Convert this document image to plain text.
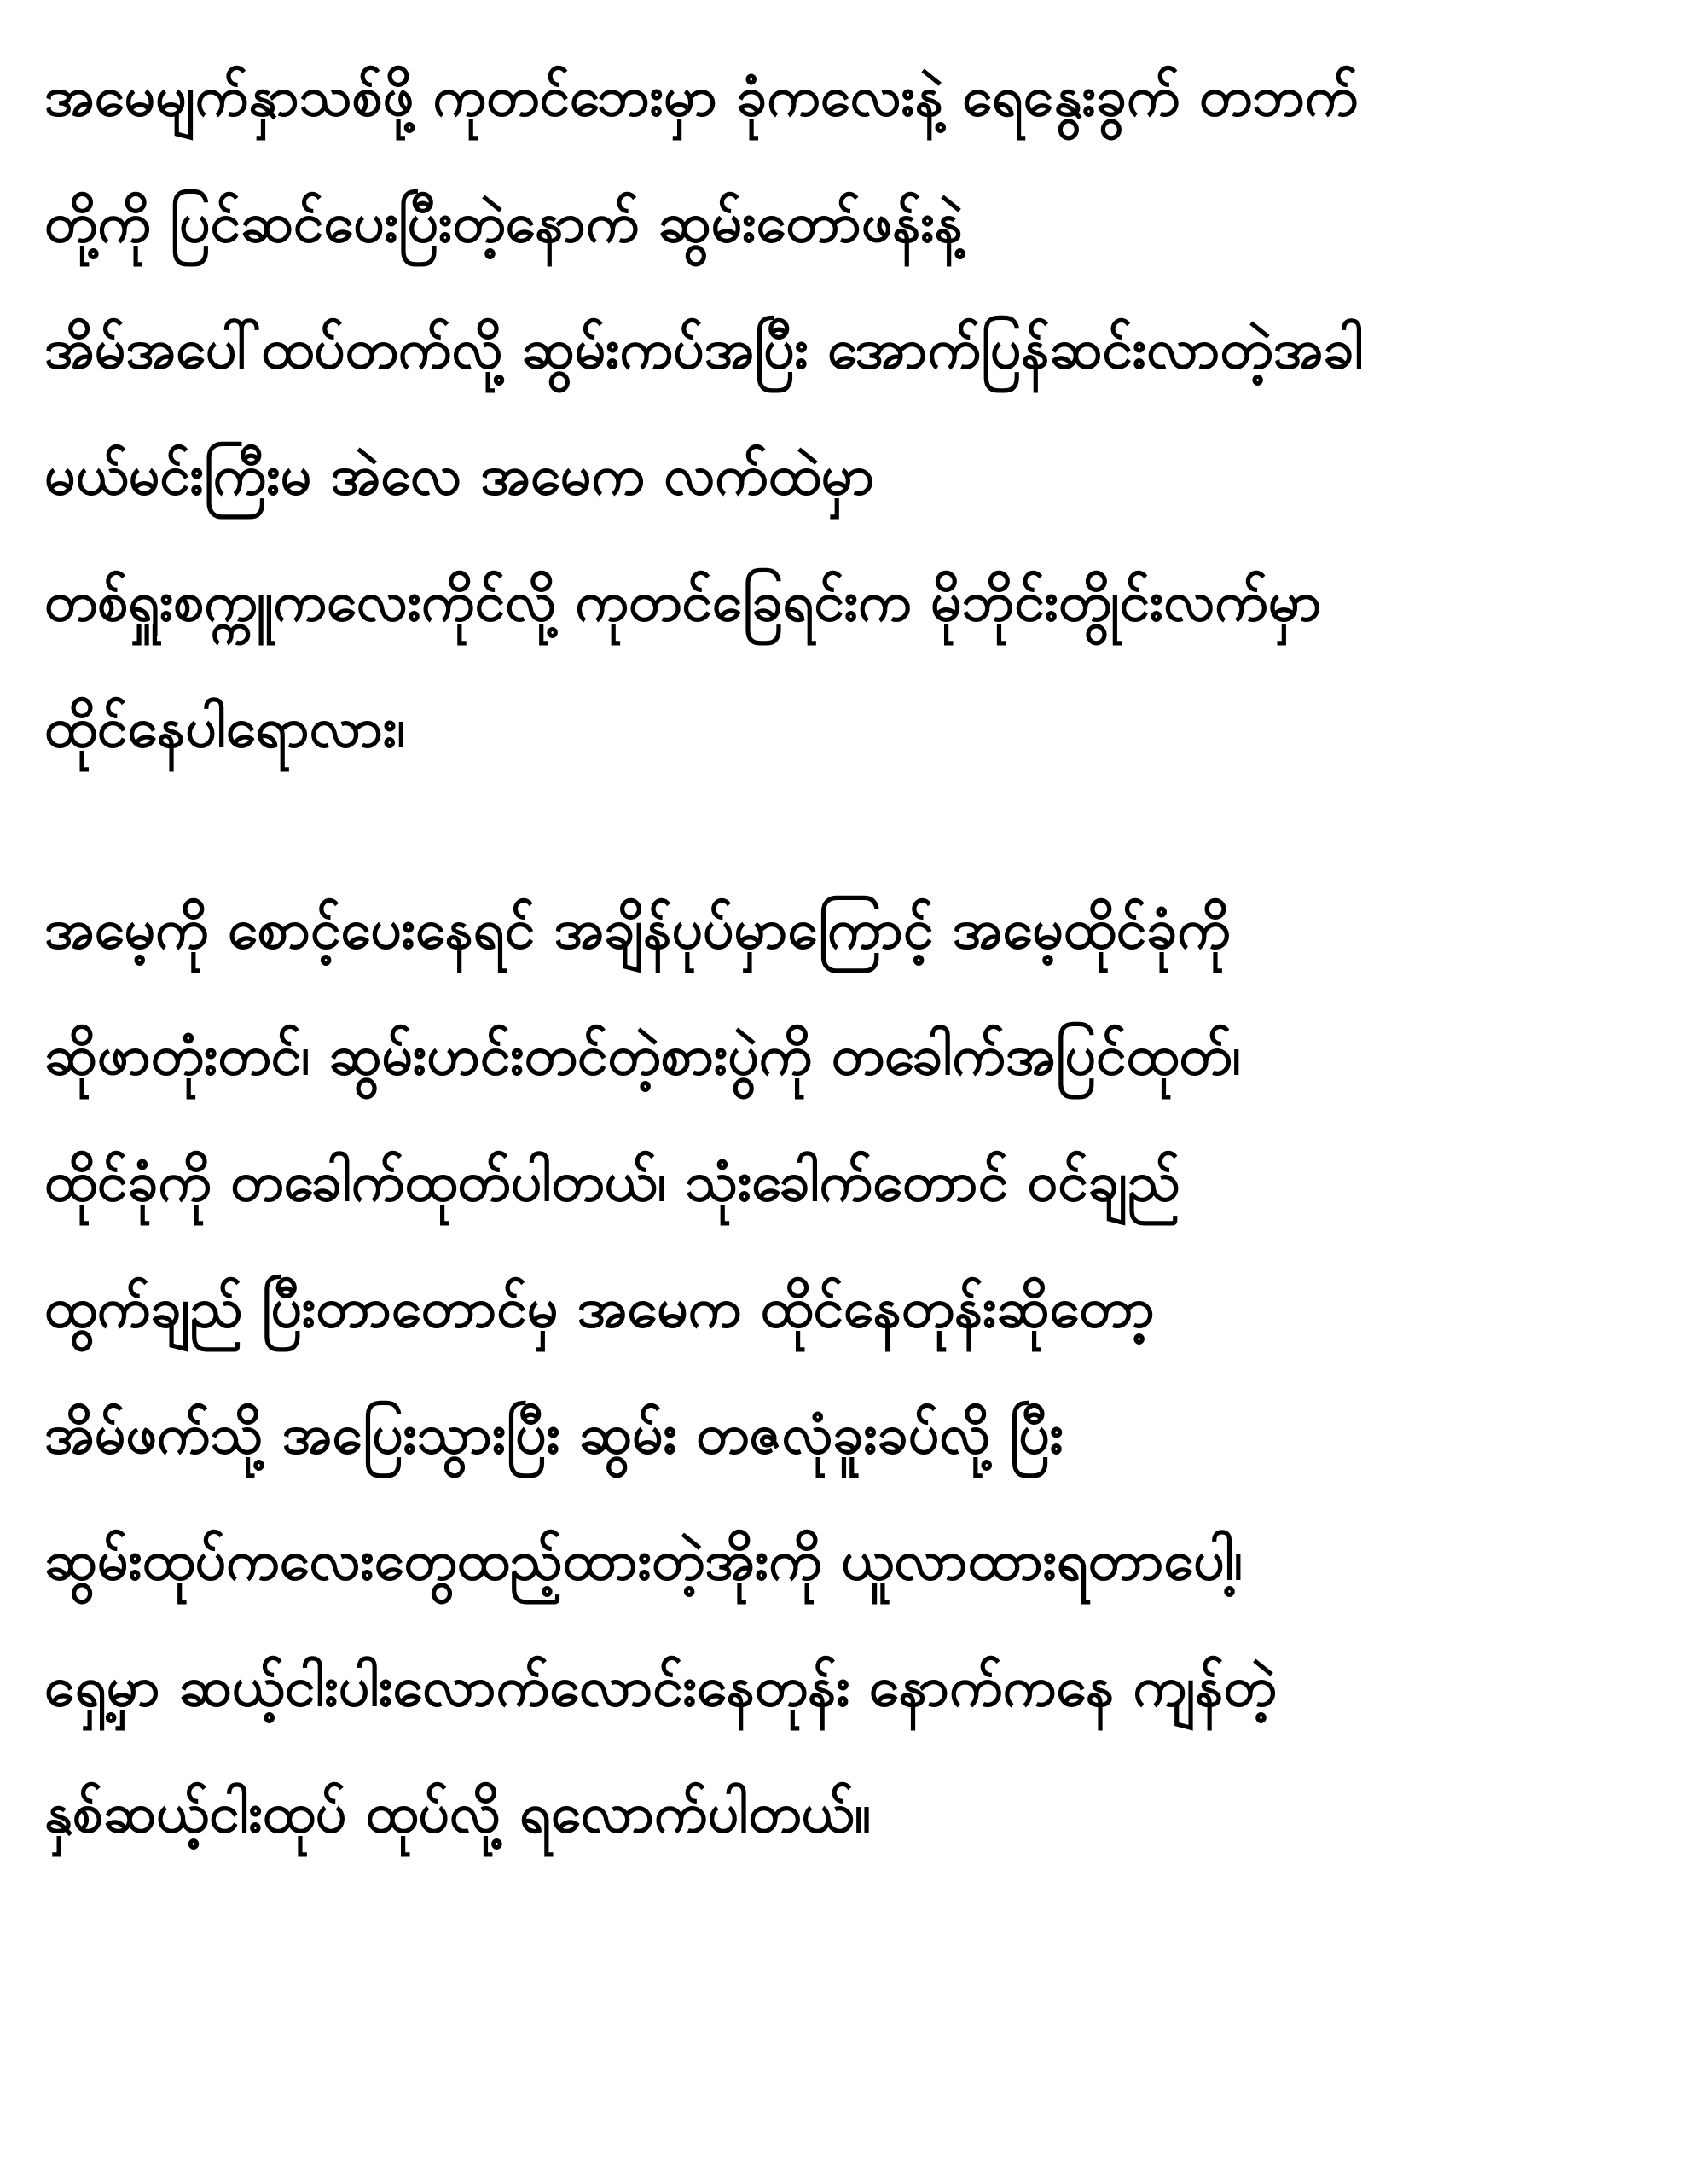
အမေမျက်နှာသစ်ဖို့ ကုတင်ဘေးမှာ ခုံကလေးနဲ့ ရေနွေးခွက် တဘက်
တို့ကို ပြင်ဆင်ပေးပြီးတဲ့နောက် ဆွမ်းတော်ဖန်းနဲ့
အိမ်အပေါ်ထပ်တက်လို့ ဆွမ်းကပ်အပြီး အောက်ပြန်ဆင်းလာတဲ့အခါ
မယ်မင်းကြီးမ အဲလေ အမေက လက်ထဲမှာ
တစ်ရှူးစက္ကူကလေးကိုင်လို့ ကုတင်ခြေရင်းက မိုဘိုင်းတွိုင်းလက်မှာ
ထိုင်နေပါရောလား၊
အမေ့ကို စောင့်ပေးနေရင် အချိန်ပုပ်မှာကြောင့် အမေ့ထိုင်ခုံကို
ဆိုဖာတုံးတင်၊ ဆွမ်းဟင်းတင်တဲ့စားပွဲကို တခေါက်အပြင်ထုတ်၊
ထိုင်ခုံကို တခေါက်ထုတ်ပါတယ်၊ သုံးခေါက်တောင် ဝင်ချည်
ထွက်ချည် ပြီးတာတောင်မှ အမေက ထိုင်နေတုန်းဆိုတော့
အိမ်ဖက်သို့ အပြေးသွားပြီး ဆွမ်း တဇလုံခူးခပ်လို့ ပြီး
ဆွမ်းထုပ်ကလေးတွေထည့်ထားတဲ့အိုးကို ယူလာထားရတာပေါ့၊
ရှေ့မှာ ဆယ့်ငါးပါးလောက်လောင်းနေတုန်း နောက်ကနေ ကျန်တဲ့
နှစ်ဆယ့်ငါးထုပ် ထုပ်လို့ ရလောက်ပါတယ်။
